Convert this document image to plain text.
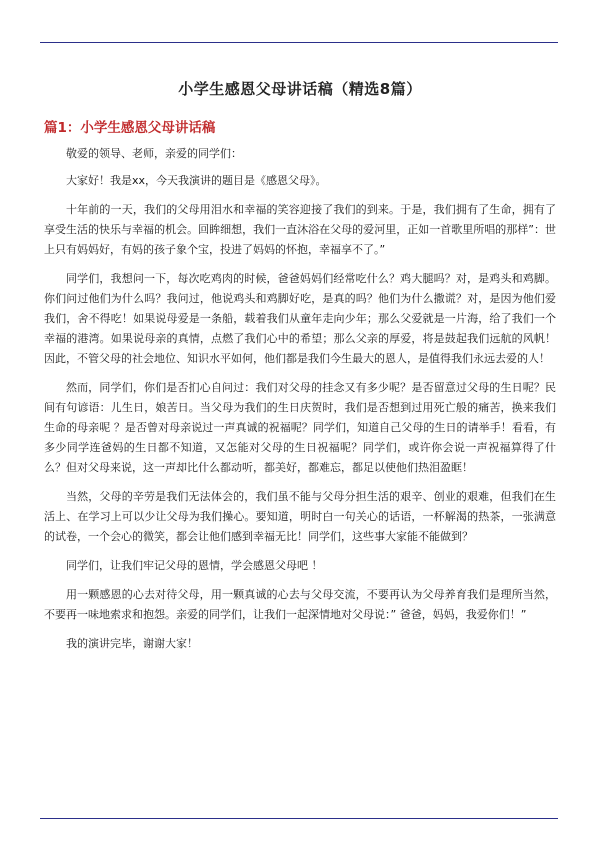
小学生感恩父母讲话稿（精选8篇）
篇1：小学生感恩父母讲话稿

敬爱的领导、老师，亲爱的同学们：

大家好！我是xx，今天我演讲的题目是《感恩父母》。

十年前的一天，我们的父母用泪水和幸福的笑容迎接了我们的到来。于是，我们拥有了生命，拥有了享受生活的快乐与幸福的机会。回眸细想，我们一直沐浴在父母的爱河里，正如一首歌里所唱的那样”：世上只有妈妈好，有妈的孩子象个宝，投进了妈妈的怀抱，幸福享不了。”

同学们，我想问一下，每次吃鸡肉的时候，爸爸妈妈们经常吃什么？鸡大腿吗？对，是鸡头和鸡脚。你们问过他们为什么吗？我问过，他说鸡头和鸡脚好吃，是真的吗？他们为什么撒谎？对，是因为他们爱我们，舍不得吃！如果说母爱是一条船，载着我们从童年走向少年；那么父爱就是一片海，给了我们一个幸福的港湾。如果说母亲的真情，点燃了我们心中的希望；那么父亲的厚爱，将是鼓起我们远航的风帆！因此，不管父母的社会地位、知识水平如何，他们都是我们今生最大的恩人，是值得我们永远去爱的人！

然而，同学们，你们是否扪心自问过：我们对父母的挂念又有多少呢？是否留意过父母的生日呢？民间有句谚语：儿生日，娘苦日。当父母为我们的生日庆贺时，我们是否想到过用死亡般的痛苦，换来我们生命的母亲呢 ？是否曾对母亲说过一声真诚的祝福呢？同学们，知道自己父母的生日的请举手！看看，有多少同学连爸妈的生日都不知道，又怎能对父母的生日祝福呢？同学们，或许你会说一声祝福算得了什么？但对父母来说，这一声却比什么都动听，都美好，都难忘，都足以使他们热泪盈眶！

当然，父母的辛劳是我们无法体会的，我们虽不能与父母分担生活的艰辛、创业的艰难，但我们在生活上、在学习上可以少让父母为我们操心。要知道，明时白一句关心的话语，一杯解渴的热茶，一张满意的试卷，一个会心的微笑，都会让他们感到幸福无比！同学们，这些事大家能不能做到？

同学们，让我们牢记父母的恩情，学会感恩父母吧 ！

用一颗感恩的心去对待父母，用一颗真诚的心去与父母交流，不要再认为父母养育我们是理所当然，不要再一味地索求和抱怨。亲爱的同学们，让我们一起深情地对父母说：” 爸爸，妈妈，我爱你们！”

我的演讲完毕，谢谢大家！
